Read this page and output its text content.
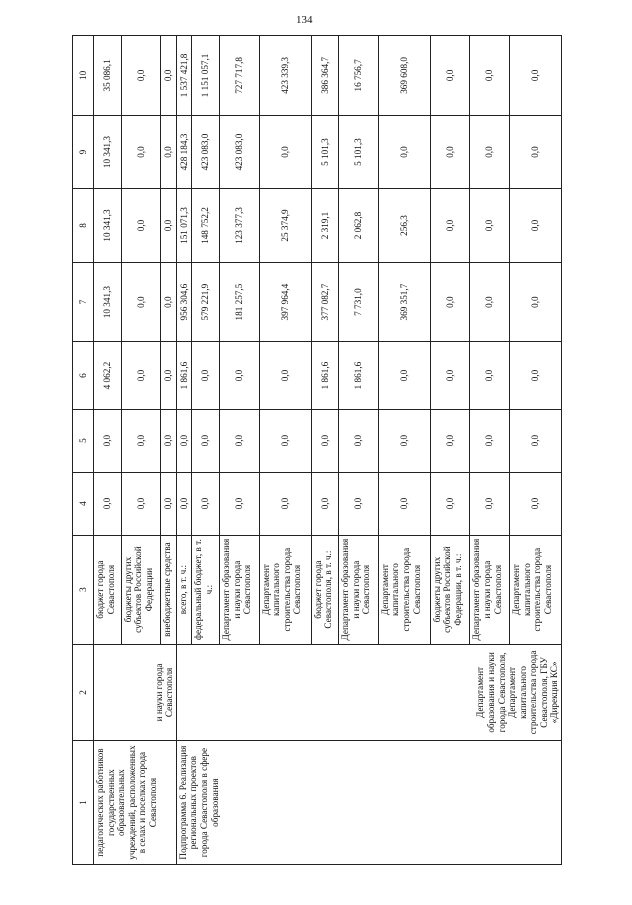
134
1	2	3	4	5	6	7	8	9	10
педагогических работников государственных образовательных учреждений, расположенных в селах и поселках города Севастополя	и науки города Севастополя	бюджет города Севастополя	0,0	0,0	4 062,2	10 341,3	10 341,3	10 341,3	35 086,1
		бюджеты других субъектов Российской Федерации	0,0	0,0	0,0	0,0	0,0	0,0	0,0
		внебюджетные средства	0,0	0,0	0,0	0,0	0,0	0,0	0,0
Подпрограмма 6. Реализация региональных проектов города Севастополя в сфере образования	Департамент образования и науки города Севастополя, Департамент капитального строительства города Севастополя, ГБУ «Дирекция КС»	всего, в т. ч.:	0,0	0,0	1 861,6	956 304,6	151 071,3	428 184,3	1 537 421,8
		федеральный бюджет, в т. ч.:	0,0	0,0	0,0	579 221,9	148 752,2	423 083,0	1 151 057,1
		Департамент образования и науки города Севастополя	0,0	0,0	0,0	181 257,5	123 377,3	423 083,0	727 717,8
		Департамент капитального строительства города Севастополя	0,0	0,0	0,0	397 964,4	25 374,9	0,0	423 339,3
		бюджет города Севастополя, в т. ч.:	0,0	0,0	1 861,6	377 082,7	2 319,1	5 101,3	386 364,7
		Департамент образования и науки города Севастополя	0,0	0,0	1 861,6	7 731,0	2 062,8	5 101,3	16 756,7
		Департамент капитального строительства города Севастополя	0,0	0,0	0,0	369 351,7	256,3	0,0	369 608,0
		бюджеты других субъектов Российской Федерации, в т. ч.:	0,0	0,0	0,0	0,0	0,0	0,0	0,0
		Департамент образования и науки города Севастополя	0,0	0,0	0,0	0,0	0,0	0,0	0,0
		Департамент капитального строительства города Севастополя	0,0	0,0	0,0	0,0	0,0	0,0	0,0
